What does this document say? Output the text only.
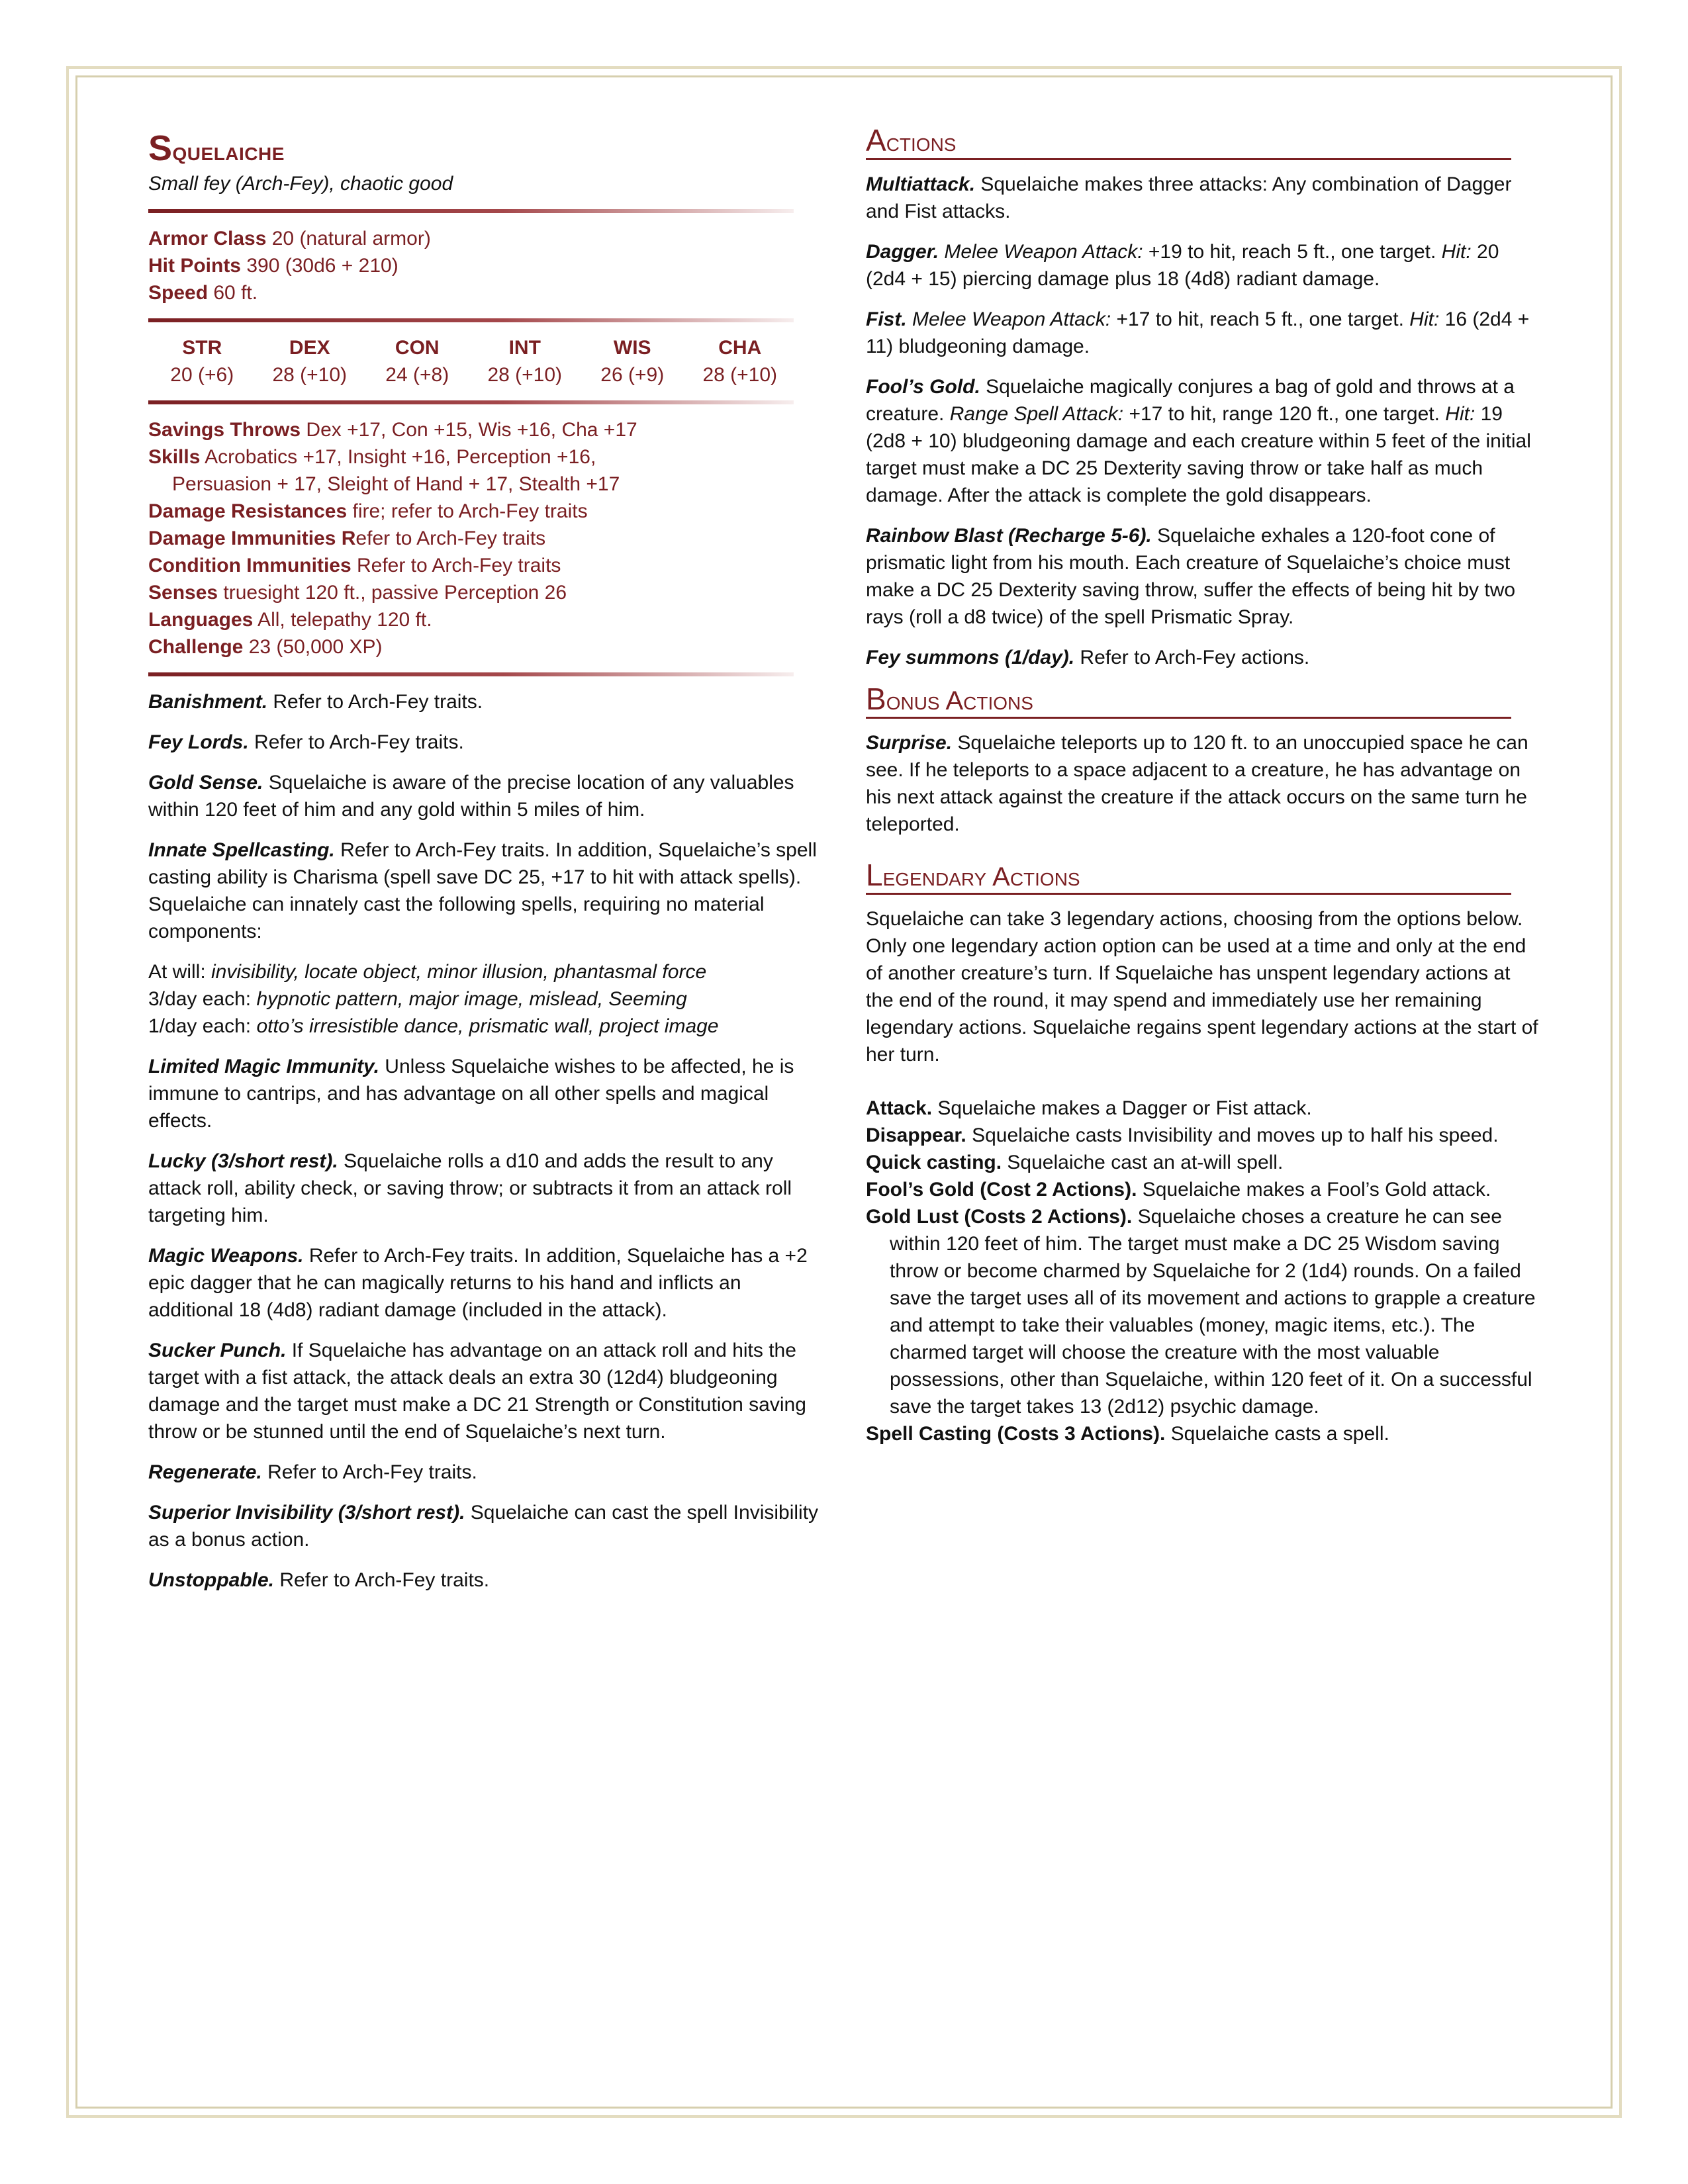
Squelaiche
Small fey (Arch-Fey), chaotic good

Armor Class 20 (natural armor)

Hit Points 390 (30d6 + 210)

Speed 60 ft.

STR
20 (+6)
DEX
28 (+10)
CON
24 (+8)
INT
28 (+10)
WIS
26 (+9)
CHA
28 (+10)

Savings Throws Dex +17, Con +15, Wis +16, Cha +17

Skills Acrobatics +17, Insight +16, Perception +16,

Persuasion + 17, Sleight of Hand + 17, Stealth +17

Damage Resistances fire; refer to Arch-Fey traits

Damage Immunities Refer to Arch-Fey traits

Condition Immunities Refer to Arch-Fey traits

Senses truesight 120 ft., passive Perception 26

Languages All, telepathy 120 ft.

Challenge 23 (50,000 XP)

Banishment. Refer to Arch-Fey traits.

Fey Lords. Refer to Arch-Fey traits.

Gold Sense. Squelaiche is aware of the precise location of any valuables within 120 feet of him and any gold within 5 miles of him.

Innate Spellcasting. Refer to Arch-Fey traits. In addition, Squelaiche’s spell casting ability is Charisma (spell save DC 25, +17 to hit with attack spells). Squelaiche can innately cast the following spells, requiring no material components:

At will: invisibility, locate object, minor illusion, phantasmal force

3/day each: hypnotic pattern, major image, mislead, Seeming

1/day each: otto’s irresistible dance, prismatic wall, project image

Limited Magic Immunity. Unless Squelaiche wishes to be affected, he is immune to cantrips, and has advantage on all other spells and magical effects.

Lucky (3/short rest). Squelaiche rolls a d10 and adds the result to any attack roll, ability check, or saving throw; or subtracts it from an attack roll targeting him.

Magic Weapons. Refer to Arch-Fey traits. In addition, Squelaiche has a +2 epic dagger that he can magically returns to his hand and inflicts an additional 18 (4d8) radiant damage (included in the attack).

Sucker Punch. If Squelaiche has advantage on an attack roll and hits the target with a fist attack, the attack deals an extra 30 (12d4) bludgeoning damage and the target must make a DC 21 Strength or Constitution saving throw or be stunned until the end of Squelaiche’s next turn.

Regenerate. Refer to Arch-Fey traits.

Superior Invisibility (3/short rest). Squelaiche can cast the spell Invisibility as a bonus action.

Unstoppable. Refer to Arch-Fey traits.

Actions

Multiattack. Squelaiche makes three attacks: Any combination of Dagger and Fist attacks.

Dagger. Melee Weapon Attack: +19 to hit, reach 5 ft., one target. Hit: 20 (2d4 + 15) piercing damage plus 18 (4d8) radiant damage.

Fist. Melee Weapon Attack: +17 to hit, reach 5 ft., one target. Hit: 16 (2d4 + 11) bludgeoning damage.

Fool’s Gold. Squelaiche magically conjures a bag of gold and throws at a creature. Range Spell Attack: +17 to hit, range 120 ft., one target. Hit: 19 (2d8 + 10) bludgeoning damage and each creature within 5 feet of the initial target must make a DC 25 Dexterity saving throw or take half as much damage. After the attack is complete the gold disappears.

Rainbow Blast (Recharge 5-6). Squelaiche exhales a 120-foot cone of prismatic light from his mouth. Each creature of Squelaiche’s choice must make a DC 25 Dexterity saving throw, suffer the effects of being hit by two rays (roll a d8 twice) of the spell Prismatic Spray.

Fey summons (1/day). Refer to Arch-Fey actions.

Bonus Actions

Surprise. Squelaiche teleports up to 120 ft. to an unoccupied space he can see. If he teleports to a space adjacent to a creature, he has advantage on his next attack against the creature if the attack occurs on the same turn he teleported.

Legendary Actions

Squelaiche can take 3 legendary actions, choosing from the options below. Only one legendary action option can be used at a time and only at the end of another creature’s turn. If Squelaiche has unspent legendary actions at the end of the round, it may spend and immediately use her remaining legendary actions. Squelaiche regains spent legendary actions at the start of her turn.

Attack. Squelaiche makes a Dagger or Fist attack.

Disappear. Squelaiche casts Invisibility and moves up to half his speed.

Quick casting. Squelaiche cast an at-will spell.

Fool’s Gold (Cost 2 Actions). Squelaiche makes a Fool’s Gold attack.

Gold Lust (Costs 2 Actions). Squelaiche choses a creature he can see within 120 feet of him. The target must make a DC 25 Wisdom saving throw or become charmed by Squelaiche for 2 (1d4) rounds. On a failed save the target uses all of its movement and actions to grapple a creature and attempt to take their valuables (money, magic items, etc.). The charmed target will choose the creature with the most valuable possessions, other than Squelaiche, within 120 feet of it. On a successful save the target takes 13 (2d12) psychic damage.

Spell Casting (Costs 3 Actions). Squelaiche casts a spell.
